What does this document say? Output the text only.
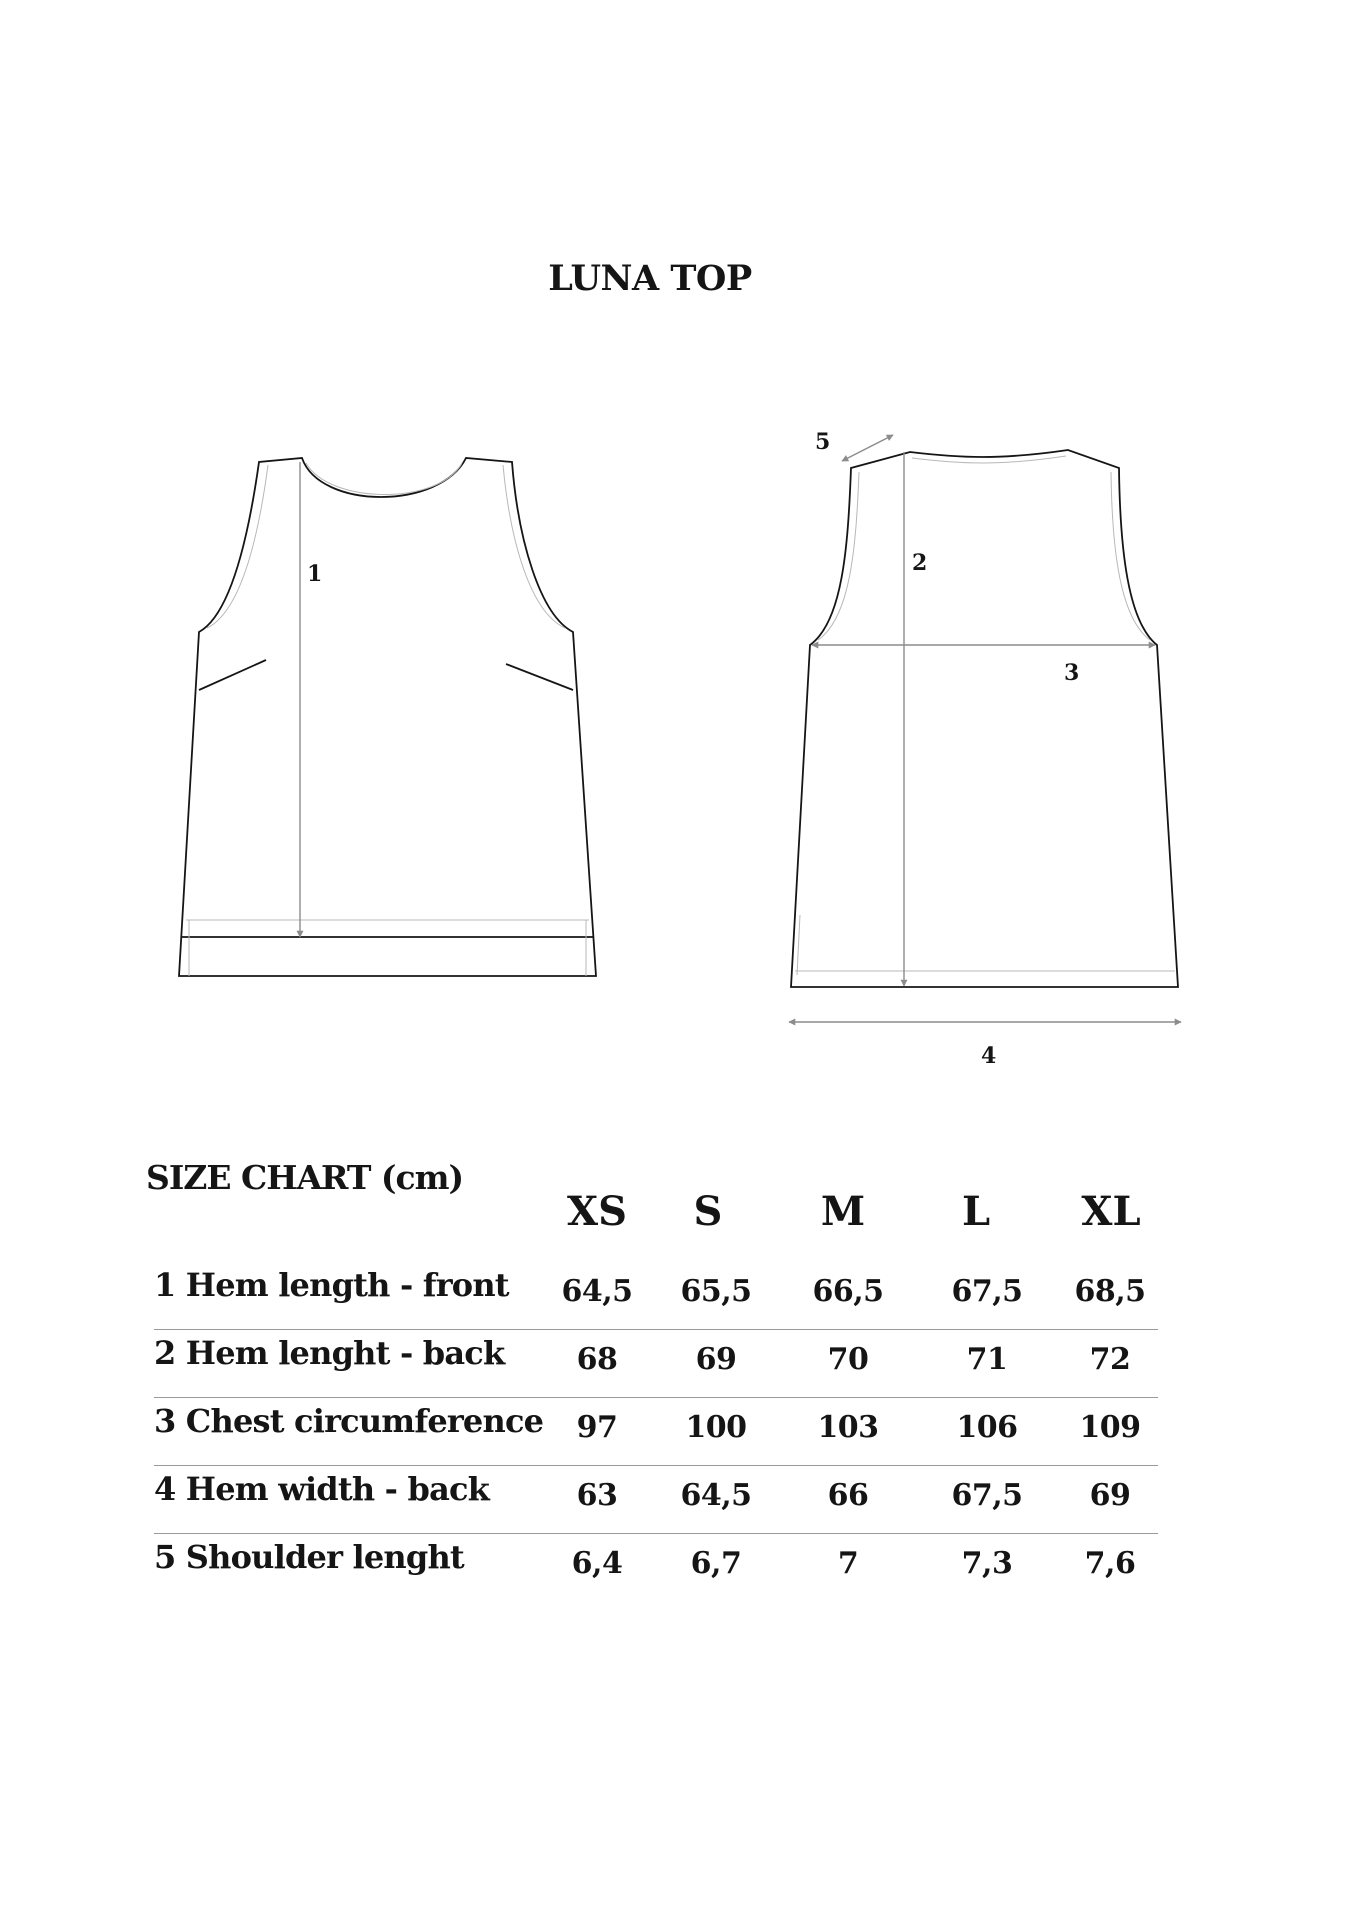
LUNA TOP
1	2
3
4
5
SIZE CHART (cm)
XS	S	M	L	XL
1 Hem length - front	64,5	65,5	66,5	67,5	68,5
2 Hem lenght - back	68	69	70	71	72
3 Chest circumference	97	100	103	106	109
4 Hem width - back	63	64,5	66	67,5	69
5 Shoulder lenght	6,4	6,7	7	7,3	7,6
